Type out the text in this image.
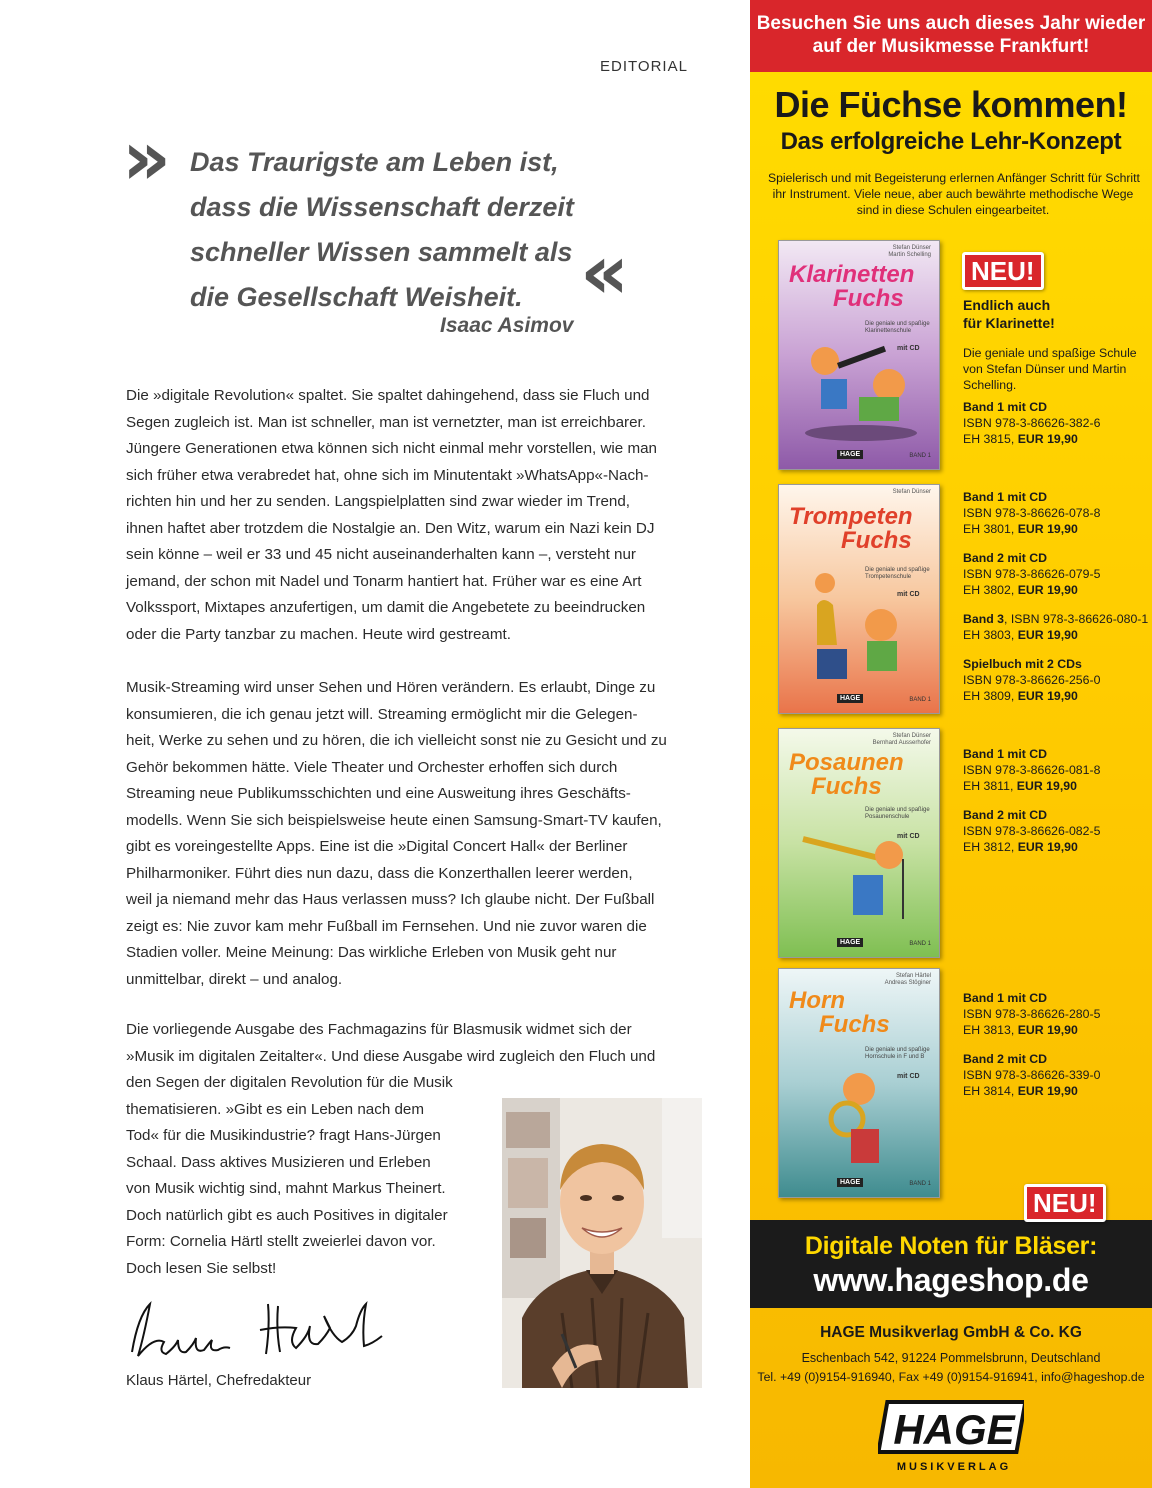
EDITORIAL
» Das Traurigste am Leben ist,
dass die Wissenschaft derzeit
schneller Wissen sammelt als
die Gesellschaft Weisheit. «
Isaac Asimov
Die »digitale Revolution« spaltet. Sie spaltet dahingehend, dass sie Fluch und
Segen zugleich ist. Man ist schneller, man ist vernetzter, man ist erreichbarer.
Jüngere Generationen etwa können sich nicht einmal mehr vorstellen, wie man
sich früher etwa verabredet hat, ohne sich im Minutentakt »WhatsApp«-Nach-
richten hin und her zu senden. Langspielplatten sind zwar wieder im Trend,
ihnen haftet aber trotzdem die Nostalgie an. Den Witz, warum ein Nazi kein DJ
sein könne – weil er 33 und 45 nicht auseinanderhalten kann –, versteht nur
jemand, der schon mit Nadel und Tonarm hantiert hat. Früher war es eine Art
Volkssport, Mixtapes anzufertigen, um damit die Angebetete zu beeindrucken
oder die Party tanzbar zu machen. Heute wird gestreamt.
Musik-Streaming wird unser Sehen und Hören verändern. Es erlaubt, Dinge zu
konsumieren, die ich genau jetzt will. Streaming ermöglicht mir die Gelegen-
heit, Werke zu sehen und zu hören, die ich vielleicht sonst nie zu Gesicht und zu
Gehör bekommen hätte. Viele Theater und Orchester erhoffen sich durch
Streaming neue Publikumsschichten und eine Ausweitung ihres Geschäfts-
modells. Wenn Sie sich beispielsweise heute einen Samsung-Smart-TV kaufen,
gibt es voreingestellte Apps. Eine ist die »Digital Concert Hall« der Berliner
Philharmoniker. Führt dies nun dazu, dass die Konzerthallen leerer werden,
weil ja niemand mehr das Haus verlassen muss? Ich glaube nicht. Der Fußball
zeigt es: Nie zuvor kam mehr Fußball im Fernsehen. Und nie zuvor waren die
Stadien voller. Meine Meinung: Das wirkliche Erleben von Musik geht nur
unmittelbar, direkt – und analog.
Die vorliegende Ausgabe des Fachmagazins für Blasmusik widmet sich der
»Musik im digitalen Zeitalter«. Und diese Ausgabe wird zugleich den Fluch und
den Segen der digitalen Revolution für die Musik
thematisieren. »Gibt es ein Leben nach dem
Tod« für die Musikindustrie? fragt Hans-Jürgen
Schaal. Dass aktives Musizieren und Erleben
von Musik wichtig sind, mahnt Markus Theinert.
Doch natürlich gibt es auch Positives in digitaler
Form: Cornelia Härtl stellt zweierlei davon vor.
Doch lesen Sie selbst!
Klaus Härtel, Chefredakteur
Besuchen Sie uns auch dieses Jahr wieder
auf der Musikmesse Frankfurt!
Die Füchse kommen!
Das erfolgreiche Lehr-Konzept
Spielerisch und mit Begeisterung erlernen Anfänger Schritt für Schritt
ihr Instrument. Viele neue, aber auch bewährte methodische Wege
sind in diese Schulen eingearbeitet.
Stefan Dünser
Martin Schelling
Klarinetten
Fuchs
Die geniale und spaßige Klarinettenschule
mit CD
HAGE	BAND 1
NEU!
Endlich auch
für Klarinette!
Die geniale und spaßige Schule
von Stefan Dünser und Martin
Schelling.
Band 1 mit CD
ISBN 978-3-86626-382-6
EH 3815, EUR 19,90
Stefan Dünser
Trompeten
Fuchs
Die geniale und spaßige Trompetenschule
mit CD
HAGE	BAND 1
Band 1 mit CD
ISBN 978-3-86626-078-8
EH 3801, EUR 19,90
Band 2 mit CD
ISBN 978-3-86626-079-5
EH 3802, EUR 19,90
Band 3, ISBN 978-3-86626-080-1
EH 3803, EUR 19,90
Spielbuch mit 2 CDs
ISBN 978-3-86626-256-0
EH 3809, EUR 19,90
Stefan Dünser
Bernhard Ausserhofer
Posaunen
Fuchs
Die geniale und spaßige Posaunenschule
mit CD
HAGE	BAND 1
Band 1 mit CD
ISBN 978-3-86626-081-8
EH 3811, EUR 19,90
Band 2 mit CD
ISBN 978-3-86626-082-5
EH 3812, EUR 19,90
Stefan Härtel
Andreas Stöginer
Horn
Fuchs
Die geniale und spaßige Hornschule in F und B
mit CD
HAGE	BAND 1
Band 1 mit CD
ISBN 978-3-86626-280-5
EH 3813, EUR 19,90
Band 2 mit CD
ISBN 978-3-86626-339-0
EH 3814, EUR 19,90
NEU!
Digitale Noten für Bläser:
www.hageshop.de
HAGE Musikverlag GmbH & Co. KG
Eschenbach 542, 91224 Pommelsbrunn, Deutschland
Tel. +49 (0)9154-916940, Fax +49 (0)9154-916941, info@hageshop.de
HAGE
MUSIKVERLAG
